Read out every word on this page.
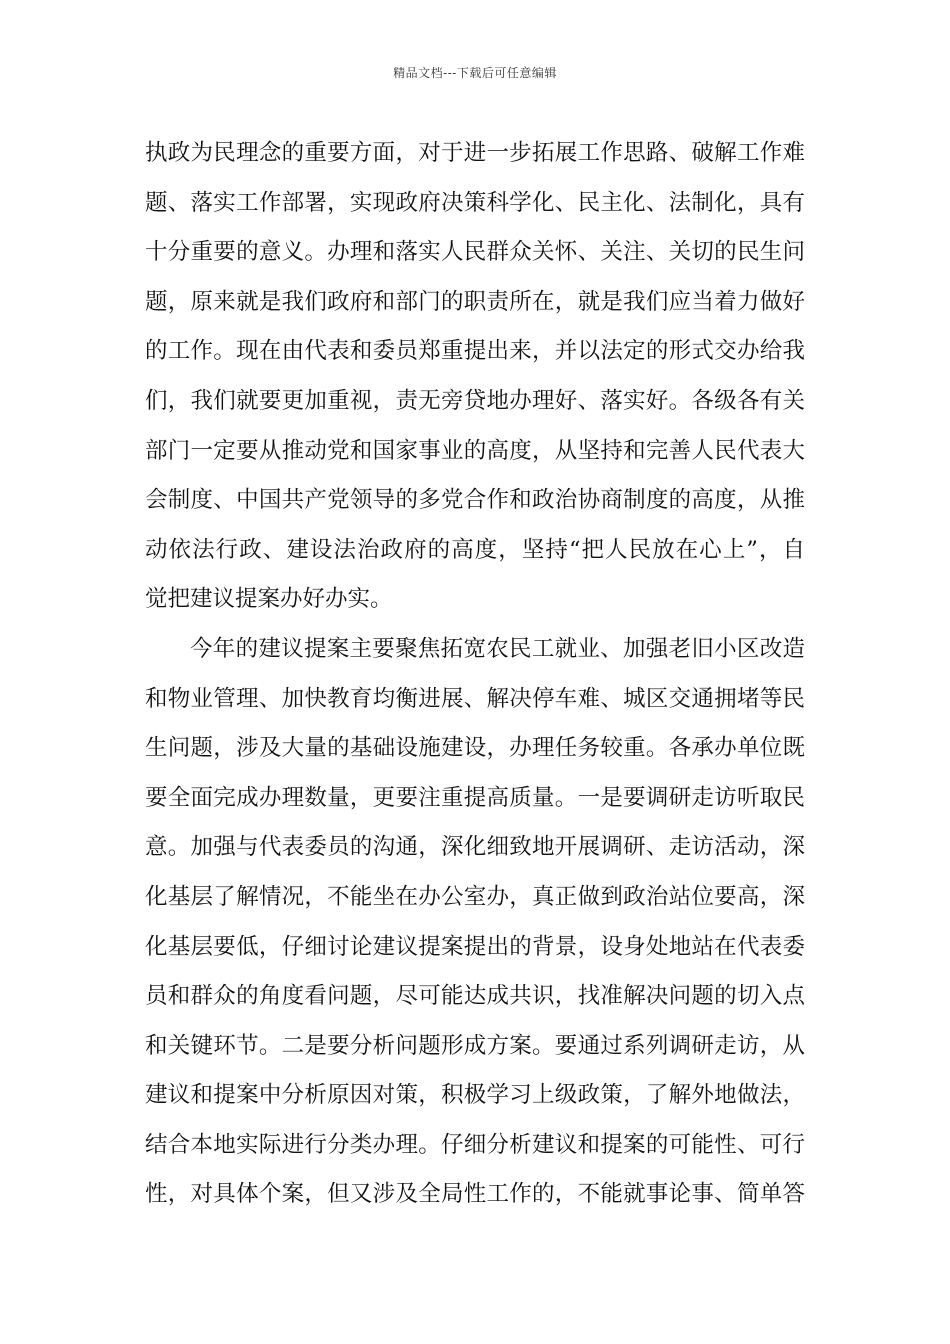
精品文档---下载后可任意编辑
执政为民理念的重要方面，对于进一步拓展工作思路、破解工作难
题、落实工作部署，实现政府决策科学化、民主化、法制化，具有
十分重要的意义。办理和落实人民群众关怀、关注、关切的民生问
题，原来就是我们政府和部门的职责所在，就是我们应当着力做好
的工作。现在由代表和委员郑重提出来，并以法定的形式交办给我
们，我们就要更加重视，责无旁贷地办理好、落实好。各级各有关
部门一定要从推动党和国家事业的高度，从坚持和完善人民代表大
会制度、中国共产党领导的多党合作和政治协商制度的高度，从推
动依法行政、建设法治政府的高度，坚持“把人民放在心上”，自
觉把建议提案办好办实。
今年的建议提案主要聚焦拓宽农民工就业、加强老旧小区改造
和物业管理、加快教育均衡进展、解决停车难、城区交通拥堵等民
生问题，涉及大量的基础设施建设，办理任务较重。各承办单位既
要全面完成办理数量，更要注重提高质量。一是要调研走访听取民
意。加强与代表委员的沟通，深化细致地开展调研、走访活动，深
化基层了解情况，不能坐在办公室办，真正做到政治站位要高，深
化基层要低，仔细讨论建议提案提出的背景，设身处地站在代表委
员和群众的角度看问题，尽可能达成共识，找准解决问题的切入点
和关键环节。二是要分析问题形成方案。要通过系列调研走访，从
建议和提案中分析原因对策，积极学习上级政策，了解外地做法，
结合本地实际进行分类办理。仔细分析建议和提案的可能性、可行
性，对具体个案，但又涉及全局性工作的，不能就事论事、简单答
